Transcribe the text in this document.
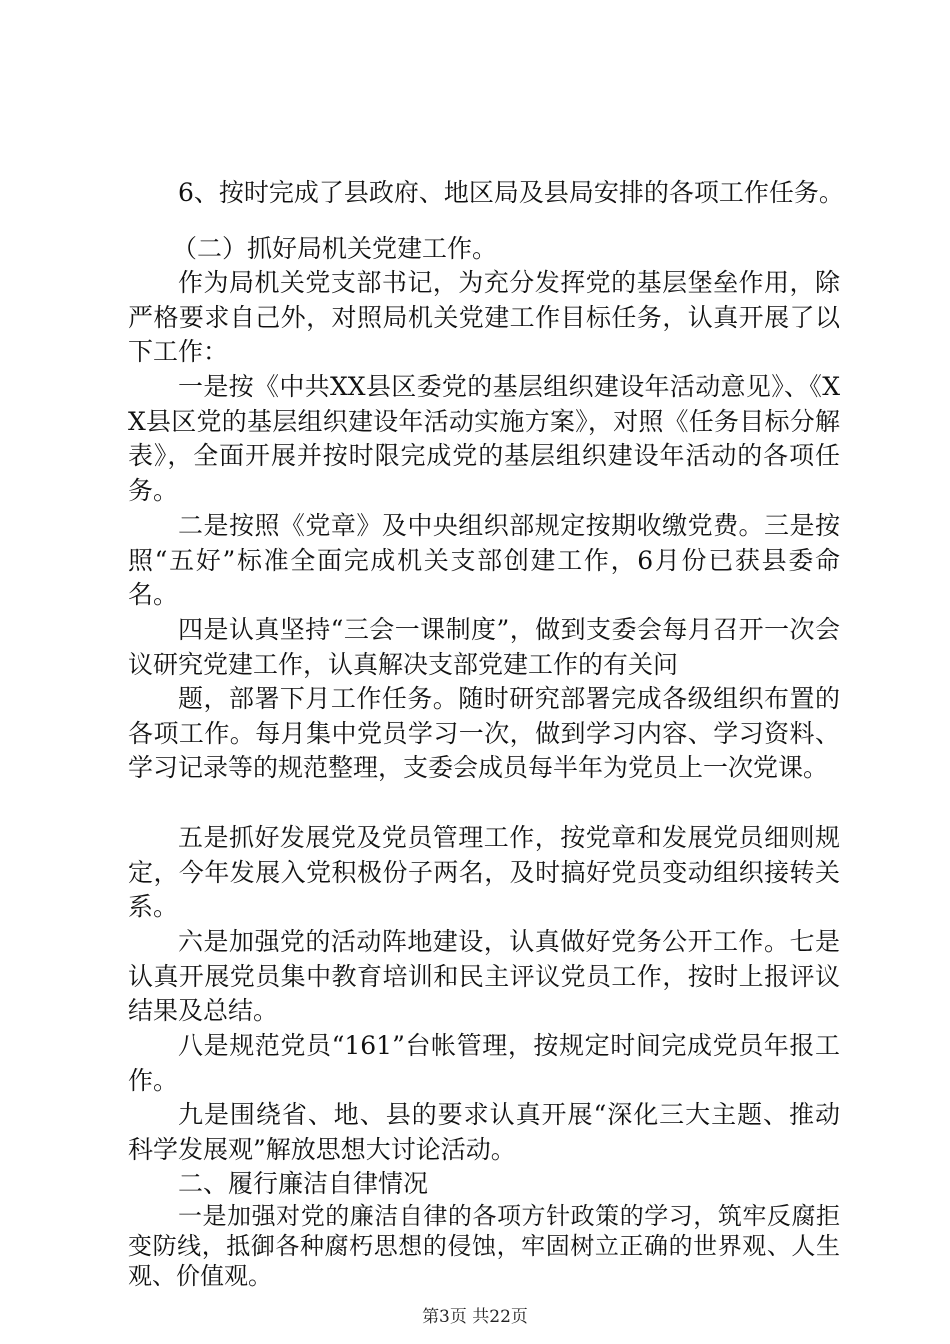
6、按时完成了县政府、地区局及县局安排的各项工作任务。

（二）抓好局机关党建工作。

作为局机关党支部书记，为充分发挥党的基层堡垒作用，除严格要求自己外，对照局机关党建工作目标任务，认真开展了以下工作：

一是按《中共XX县区委党的基层组织建设年活动意见》、《XX县区党的基层组织建设年活动实施方案》，对照《任务目标分解表》，全面开展并按时限完成党的基层组织建设年活动的各项任务。

二是按照《党章》及中央组织部规定按期收缴党费。三是按照“五好”标准全面完成机关支部创建工作，6月份已获县委命名。

四是认真坚持“三会一课制度”，做到支委会每月召开一次会议研究党建工作，认真解决支部党建工作的有关问

题，部署下月工作任务。随时研究部署完成各级组织布置的各项工作。每月集中党员学习一次，做到学习内容、学习资料、学习记录等的规范整理，支委会成员每半年为党员上一次党课。

五是抓好发展党及党员管理工作，按党章和发展党员细则规定，今年发展入党积极份子两名，及时搞好党员变动组织接转关系。

六是加强党的活动阵地建设，认真做好党务公开工作。七是认真开展党员集中教育培训和民主评议党员工作，按时上报评议结果及总结。

八是规范党员“161”台帐管理，按规定时间完成党员年报工作。

九是围绕省、地、县的要求认真开展“深化三大主题、推动科学发展观”解放思想大讨论活动。

二、履行廉洁自律情况

一是加强对党的廉洁自律的各项方针政策的学习，筑牢反腐拒变防线，抵御各种腐朽思想的侵蚀，牢固树立正确的世界观、人生观、价值观。

第3页 共22页
